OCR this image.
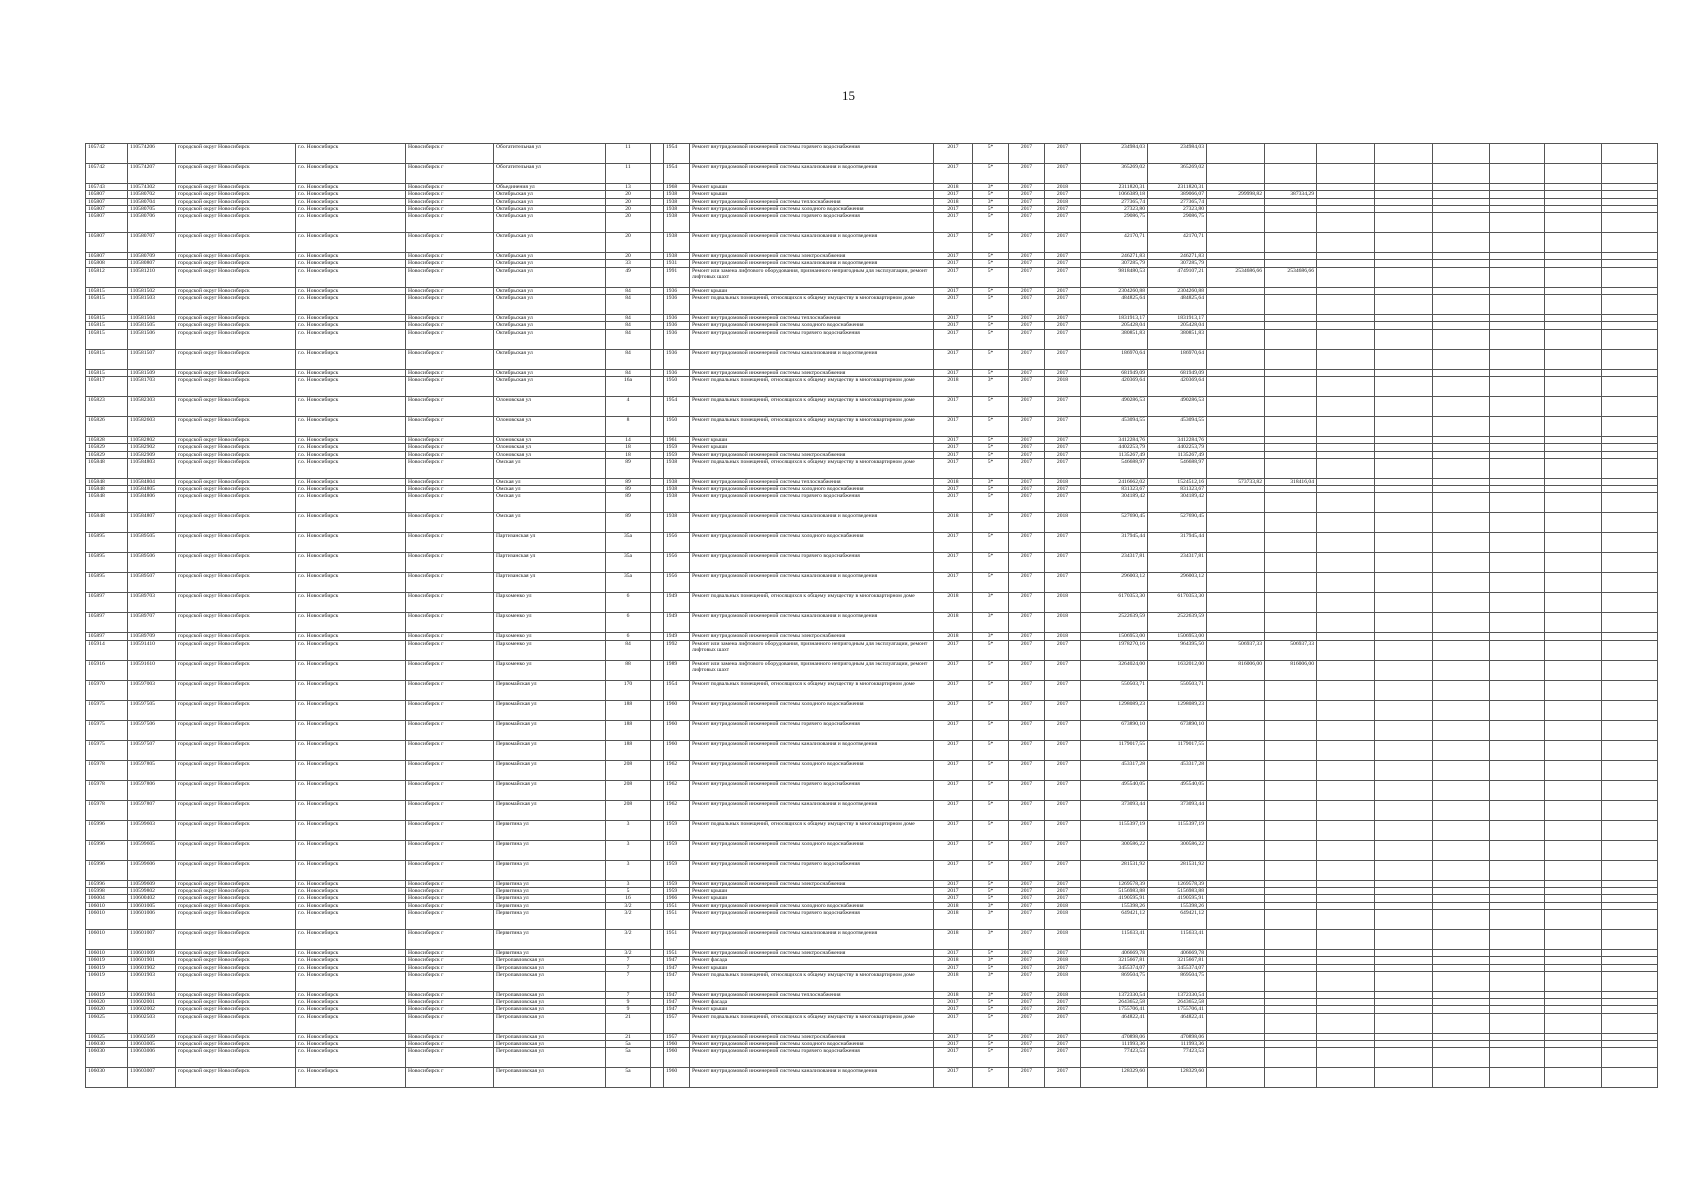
15
105742	110574206	городской округ Новосибирск	г.о. Новосибирск	Новосибирск г	Обогатительная ул	11		1954	Ремонт внутридомовой инженерной системы горячего водоснабжения	2017	5*	2017	2017	234984,03	234984,03								
105742	110574207	городской округ Новосибирск	г.о. Новосибирск	Новосибирск г	Обогатительная ул	11		1954	Ремонт внутридомовой инженерной системы канализования и водоотведения	2017	5*	2017	2017	365269,02	365269,02								
105743	110574302	городской округ Новосибирск	г.о. Новосибирск	Новосибирск г	Объединения ул	13		1968	Ремонт крыши	2018	3*	2017	2018	2311820,31	2311820,31								
105807	110580702	городской округ Новосибирск	г.о. Новосибирск	Новосибирск г	Октябрьская ул	20		1938	Ремонт крыши	2017	5*	2017	2017	1066389,18	389066,07	299998,82	387334,29						
105807	110580704	городской округ Новосибирск	г.о. Новосибирск	Новосибирск г	Октябрьская ул	20		1938	Ремонт внутридомовой инженерной системы теплоснабжения	2018	3*	2017	2018	277365,74	277365,74								
105807	110580705	городской округ Новосибирск	г.о. Новосибирск	Новосибирск г	Октябрьская ул	20		1938	Ремонт внутридомовой инженерной системы холодного водоснабжения	2017	5*	2017	2017	27323,80	27323,80								
105807	110580706	городской округ Новосибирск	г.о. Новосибирск	Новосибирск г	Октябрьская ул	20		1938	Ремонт внутридомовой инженерной системы горячего водоснабжения	2017	5*	2017	2017	29086,75	29086,75								
105807	110580707	городской округ Новосибирск	г.о. Новосибирск	Новосибирск г	Октябрьская ул	20		1938	Ремонт внутридомовой инженерной системы канализования и водоотведения	2017	5*	2017	2017	42170,71	42170,71								
105807	110580709	городской округ Новосибирск	г.о. Новосибирск	Новосибирск г	Октябрьская ул	20		1938	Ремонт внутридомовой инженерной системы электроснабжения	2017	5*	2017	2017	246271,83	246271,83								
105808	110580807	городской округ Новосибирск	г.о. Новосибирск	Новосибирск г	Октябрьская ул	33		1931	Ремонт внутридомовой инженерной системы канализования и водоотведения	2017	5*	2017	2017	307285,79	307285,79								
105812	110581210	городской округ Новосибирск	г.о. Новосибирск	Новосибирск г	Октябрьская ул	49		1991	Ремонт или замена лифтового оборудования, признанного непригодным для эксплуатации, ремонт лифтовых шахт	2017	5*	2017	2017	9818480,53	4749107,21	2534686,66	2534686,66						
105815	110581502	городской округ Новосибирск	г.о. Новосибирск	Новосибирск г	Октябрьская ул	84		1936	Ремонт крыши	2017	5*	2017	2017	2304260,88	2304260,88								
105815	110581503	городской округ Новосибирск	г.о. Новосибирск	Новосибирск г	Октябрьская ул	84		1936	Ремонт подвальных помещений, относящихся к общему имуществу в многоквартирном доме	2017	5*	2017	2017	484825,64	484825,64								
105815	110581504	городской округ Новосибирск	г.о. Новосибирск	Новосибирск г	Октябрьская ул	84		1936	Ремонт внутридомовой инженерной системы теплоснабжения	2017	5*	2017	2017	1831913,17	1831913,17								
105815	110581505	городской округ Новосибирск	г.о. Новосибирск	Новосибирск г	Октябрьская ул	84		1936	Ремонт внутридомовой инженерной системы холодного водоснабжения	2017	5*	2017	2017	205428,04	205428,04								
105815	110581506	городской округ Новосибирск	г.о. Новосибирск	Новосибирск г	Октябрьская ул	84		1936	Ремонт внутридомовой инженерной системы горячего водоснабжения	2017	5*	2017	2017	380851,83	380851,83								
105815	110581507	городской округ Новосибирск	г.о. Новосибирск	Новосибирск г	Октябрьская ул	84		1936	Ремонт внутридомовой инженерной системы канализования и водоотведения	2017	5*	2017	2017	186970,64	186970,64								
105815	110581509	городской округ Новосибирск	г.о. Новосибирск	Новосибирск г	Октябрьская ул	84		1936	Ремонт внутридомовой инженерной системы электроснабжения	2017	5*	2017	2017	681949,09	681949,09								
105817	110581703	городской округ Новосибирск	г.о. Новосибирск	Новосибирск г	Октябрьская ул	16а		1950	Ремонт подвальных помещений, относящихся к общему имуществу в многоквартирном доме	2018	3*	2017	2018	420369,64	420369,64								
105823	110582303	городской округ Новосибирск	г.о. Новосибирск	Новосибирск г	Олоновская ул	4		1954	Ремонт подвальных помещений, относящихся к общему имуществу в многоквартирном доме	2017	5*	2017	2017	490286,53	490286,53								
105826	110582603	городской округ Новосибирск	г.о. Новосибирск	Новосибирск г	Олоновская ул	8		1950	Ремонт подвальных помещений, относящихся к общему имуществу в многоквартирном доме	2017	5*	2017	2017	453094,55	453094,55								
105828	110582802	городской округ Новосибирск	г.о. Новосибирск	Новосибирск г	Олоновская ул	14		1961	Ремонт крыши	2017	5*	2017	2017	3412284,76	3412284,76								
105829	110582902	городской округ Новосибирск	г.о. Новосибирск	Новосибирск г	Олоновская ул	18		1959	Ремонт крыши	2017	5*	2017	2017	4402253,79	4402253,79								
105829	110582909	городской округ Новосибирск	г.о. Новосибирск	Новосибирск г	Олоновская ул	18		1959	Ремонт внутридомовой инженерной системы электроснабжения	2017	5*	2017	2017	1135267,49	1135267,49								
105848	110584803	городской округ Новосибирск	г.о. Новосибирск	Новосибирск г	Омская ул	89		1938	Ремонт подвальных помещений, относящихся к общему имуществу в многоквартирном доме	2017	5*	2017	2017	546688,97	546688,97								
105848	110584804	городской округ Новосибирск	г.о. Новосибирск	Новосибирск г	Омская ул	89		1938	Ремонт внутридомовой инженерной системы теплоснабжения	2018	3*	2017	2018	2416662,02	1524512,16	573733,82	318416,04						
105848	110584805	городской округ Новосибирск	г.о. Новосибирск	Новосибирск г	Омская ул	89		1938	Ремонт внутридомовой инженерной системы холодного водоснабжения	2017	5*	2017	2017	831323,67	831323,67								
105848	110584806	городской округ Новосибирск	г.о. Новосибирск	Новосибирск г	Омская ул	89		1938	Ремонт внутридомовой инженерной системы горячего водоснабжения	2017	5*	2017	2017	304189,42	304189,42								
105848	110584807	городской округ Новосибирск	г.о. Новосибирск	Новосибирск г	Омская ул	89		1938	Ремонт внутридомовой инженерной системы канализования и водоотведения	2018	3*	2017	2018	527690,45	527690,45								
105895	110589505	городской округ Новосибирск	г.о. Новосибирск	Новосибирск г	Партизанская ул	35а		1956	Ремонт внутридомовой инженерной системы холодного водоснабжения	2017	5*	2017	2017	317945,44	317945,44								
105895	110589506	городской округ Новосибирск	г.о. Новосибирск	Новосибирск г	Партизанская ул	35а		1956	Ремонт внутридомовой инженерной системы горячего водоснабжения	2017	5*	2017	2017	234317,81	234317,81								
105895	110589507	городской округ Новосибирск	г.о. Новосибирск	Новосибирск г	Партизанская ул	35а		1956	Ремонт внутридомовой инженерной системы канализования и водоотведения	2017	5*	2017	2017	296003,12	296003,12								
105897	110589703	городской округ Новосибирск	г.о. Новосибирск	Новосибирск г	Пархоменко ул	6		1949	Ремонт подвальных помещений, относящихся к общему имуществу в многоквартирном доме	2018	3*	2017	2018	6170353,30	6170353,30								
105897	110589707	городской округ Новосибирск	г.о. Новосибирск	Новосибирск г	Пархоменко ул	6		1949	Ремонт внутридомовой инженерной системы канализования и водоотведения	2018	3*	2017	2018	2522639,59	2522639,59								
105897	110589709	городской округ Новосибирск	г.о. Новосибирск	Новосибирск г	Пархоменко ул	6		1949	Ремонт внутридомовой инженерной системы электроснабжения	2018	3*	2017	2018	1506953,00	1506953,00								
105914	110591410	городской округ Новосибирск	г.о. Новосибирск	Новосибирск г	Пархоменко ул	84		1992	Ремонт или замена лифтового оборудования, признанного непригодным для эксплуатации, ремонт лифтовых шахт	2017	5*	2017	2017	1978270,16	964395,50	506937,33	506937,33						
105916	110591610	городской округ Новосибирск	г.о. Новосибирск	Новосибирск г	Пархоменко ул	88		1989	Ремонт или замена лифтового оборудования, признанного непригодным для эксплуатации, ремонт лифтовых шахт	2017	5*	2017	2017	3264024,00	1632012,00	816006,00	816006,00						
105970	110597003	городской округ Новосибирск	г.о. Новосибирск	Новосибирск г	Первомайская ул	170		1954	Ремонт подвальных помещений, относящихся к общему имуществу в многоквартирном доме	2017	5*	2017	2017	550503,71	550503,71								
105975	110597505	городской округ Новосибирск	г.о. Новосибирск	Новосибирск г	Первомайская ул	188		1960	Ремонт внутридомовой инженерной системы холодного водоснабжения	2017	5*	2017	2017	1298089,23	1298089,23								
105975	110597506	городской округ Новосибирск	г.о. Новосибирск	Новосибирск г	Первомайская ул	188		1960	Ремонт внутридомовой инженерной системы горячего водоснабжения	2017	5*	2017	2017	673890,10	673890,10								
105975	110597507	городской округ Новосибирск	г.о. Новосибирск	Новосибирск г	Первомайская ул	188		1960	Ремонт внутридомовой инженерной системы канализования и водоотведения	2017	5*	2017	2017	1179017,55	1179017,55								
105978	110597805	городской округ Новосибирск	г.о. Новосибирск	Новосибирск г	Первомайская ул	208		1962	Ремонт внутридомовой инженерной системы холодного водоснабжения	2017	5*	2017	2017	453317,28	453317,28								
105978	110597806	городской округ Новосибирск	г.о. Новосибирск	Новосибирск г	Первомайская ул	208		1962	Ремонт внутридомовой инженерной системы горячего водоснабжения	2017	5*	2017	2017	495540,05	495540,05								
105978	110597807	городской округ Новосибирск	г.о. Новосибирск	Новосибирск г	Первомайская ул	208		1962	Ремонт внутридомовой инженерной системы канализования и водоотведения	2017	5*	2017	2017	373093,44	373093,44								
105996	110599603	городской округ Новосибирск	г.о. Новосибирск	Новосибирск г	Первитина ул	3		1959	Ремонт подвальных помещений, относящихся к общему имуществу в многоквартирном доме	2017	5*	2017	2017	1155397,19	1155397,19								
105996	110599605	городской округ Новосибирск	г.о. Новосибирск	Новосибирск г	Первитина ул	3		1959	Ремонт внутридомовой инженерной системы холодного водоснабжения	2017	5*	2017	2017	300586,22	300586,22								
105996	110599606	городской округ Новосибирск	г.о. Новосибирск	Новосибирск г	Первитина ул	3		1959	Ремонт внутридомовой инженерной системы горячего водоснабжения	2017	5*	2017	2017	281531,92	281531,92								
105996	110599609	городской округ Новосибирск	г.о. Новосибирск	Новосибирск г	Первитина ул	3		1959	Ремонт внутридомовой инженерной системы электроснабжения	2017	5*	2017	2017	1269578,39	1269578,39								
105998	110599802	городской округ Новосибирск	г.о. Новосибирск	Новосибирск г	Первитина ул	5		1959	Ремонт крыши	2017	5*	2017	2017	5156983,88	5156983,88								
106004	110600402	городской округ Новосибирск	г.о. Новосибирск	Новосибирск г	Первитина ул	16		1966	Ремонт крыши	2017	5*	2017	2017	4190595,91	4190595,91								
106010	110601005	городской округ Новосибирск	г.о. Новосибирск	Новосибирск г	Первитина ул	3/2		1951	Ремонт внутридомовой инженерной системы холодного водоснабжения	2018	3*	2017	2018	155398,26	155398,26								
106010	110601006	городской округ Новосибирск	г.о. Новосибирск	Новосибирск г	Первитина ул	3/2		1951	Ремонт внутридомовой инженерной системы горячего водоснабжения	2018	3*	2017	2018	649421,12	649421,12								
106010	110601007	городской округ Новосибирск	г.о. Новосибирск	Новосибирск г	Первитина ул	3/2		1951	Ремонт внутридомовой инженерной системы канализования и водоотведения	2018	3*	2017	2018	115633,41	115633,41								
106010	110601009	городской округ Новосибирск	г.о. Новосибирск	Новосибирск г	Первитина ул	3/2		1951	Ремонт внутридомовой инженерной системы электроснабжения	2017	5*	2017	2017	406669,78	406669,78								
106019	110601901	городской округ Новосибирск	г.о. Новосибирск	Новосибирск г	Петропавловская ул	7		1947	Ремонт фасада	2018	3*	2017	2018	3215667,81	3215667,81								
106019	110601902	городской округ Новосибирск	г.о. Новосибирск	Новосибирск г	Петропавловская ул	7		1947	Ремонт крыши	2017	5*	2017	2017	3455374,07	3455374,07								
106019	110601903	городской округ Новосибирск	г.о. Новосибирск	Новосибирск г	Петропавловская ул	7		1947	Ремонт подвальных помещений, относящихся к общему имуществу в многоквартирном доме	2018	3*	2017	2018	869504,75	869504,75								
106019	110601904	городской округ Новосибирск	г.о. Новосибирск	Новосибирск г	Петропавловская ул	7		1947	Ремонт внутридомовой инженерной системы теплоснабжения	2018	3*	2017	2018	1372330,54	1372330,54								
106020	110602001	городской округ Новосибирск	г.о. Новосибирск	Новосибирск г	Петропавловская ул	9		1947	Ремонт фасада	2017	5*	2017	2017	2643652,58	2643652,58								
106020	110602002	городской округ Новосибирск	г.о. Новосибирск	Новосибирск г	Петропавловская ул	9		1947	Ремонт крыши	2017	5*	2017	2017	1755706,41	1755706,41								
106025	110602503	городской округ Новосибирск	г.о. Новосибирск	Новосибирск г	Петропавловская ул	21		1957	Ремонт подвальных помещений, относящихся к общему имуществу в многоквартирном доме	2017	5*	2017	2017	464822,41	464822,41								
106025	110602509	городской округ Новосибирск	г.о. Новосибирск	Новосибирск г	Петропавловская ул	21		1957	Ремонт внутридомовой инженерной системы электроснабжения	2017	5*	2017	2017	470898,06	470898,06								
106030	110603005	городской округ Новосибирск	г.о. Новосибирск	Новосибирск г	Петропавловская ул	5а		1960	Ремонт внутридомовой инженерной системы холодного водоснабжения	2017	5*	2017	2017	111993,36	111993,36								
106030	110603006	городской округ Новосибирск	г.о. Новосибирск	Новосибирск г	Петропавловская ул	5а		1960	Ремонт внутридомовой инженерной системы горячего водоснабжения	2017	5*	2017	2017	77423,53	77423,53								
106030	110603007	городской округ Новосибирск	г.о. Новосибирск	Новосибирск г	Петропавловская ул	5а		1960	Ремонт внутридомовой инженерной системы канализования и водоотведения	2017	5*	2017	2017	128329,60	128329,60								
